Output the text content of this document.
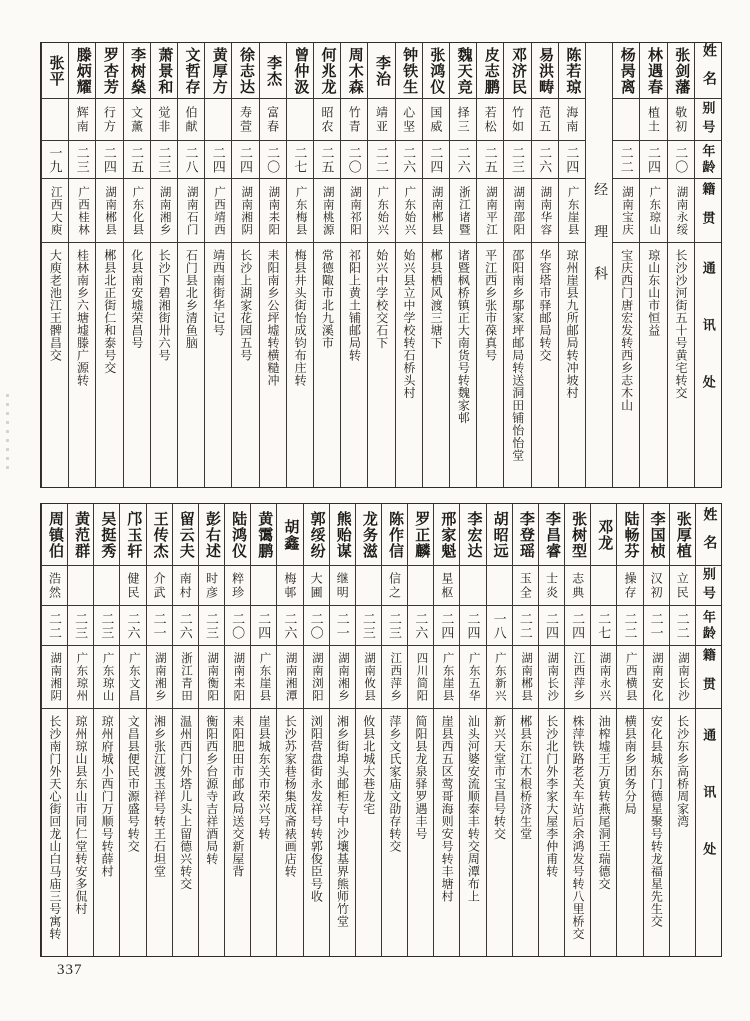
姓名
别号
年龄
籍贯
通讯处
张剑藩
敬初
二〇
湖南永绥
长沙沙河街五十号黄宅转交
林遇春
植土
二四
广东琼山
琼山东山市恒益
杨昺离
二二
湖南宝庆
宝庆西门唐宏发转西乡志木山
经理科
陈若琼
海南
二四
广东崖县
琼州崖县九所邮局转冲坡村
易洪畴
范五
二六
湖南华容
华容塔市驿邮局转交
邓济民
竹如
二三
湖南邵阳
邵阳南乡鄢家坪邮局转送洞田铺怡怡堂
皮志鹏
若松
二五
湖南平江
平江西乡张市葆真号
魏天竞
择三
二六
浙江诸暨
诸暨枫桥镇正大南货号转魏家邨
张鸿仪
国威
二四
湖南郴县
郴县栖风渡三塘下
钟铁生
心坚
二六
广东始兴
始兴县立中学校转石桥头村
李治
靖亚
二二
广东始兴
始兴中学校交石下
周木森
竹青
二〇
湖南祁阳
祁阳上黄土铺邮局转
何兆龙
昭农
二五
湖南桃源
常德陬市北九溪市
曾仲汲
二七
广东梅县
梅县井头街怡成钧布庄转
李杰
富春
二〇
湖南耒阳
耒阳南乡公坪墟转横糙冲
徐志达
寿萱
二四
湖南湘阴
长沙上湖家花园五号
黄厚方
二四
广西靖西
靖西南街华记号
文哲存
伯献
二八
湖南石门
石门县北乡清鱼脑
萧景和
觉非
二三
湖南湘乡
长沙下碧湘街卅六号
李树燊
文薰
二五
广东化县
化县南安墟荣昌号
罗杏芳
行方
二四
湖南郴县
郴县北正街仁和泰号交
滕炳耀
辉南
二三
广西桂林
桂林南乡六塘墟滕广源转
张平
一九
江西大庾
大庾老池江王髀昌交
姓名
别号
年龄
籍贯
通讯处
张厚植
立民
二二
湖南长沙
长沙东乡高桥周家湾
李国桢
汉初
二一
湖南安化
安化县城东门德星聚号转龙福星先生交
陆畅芬
操存
二二
广西横县
横县南乡团务分局
邓龙
二七
湖南永兴
油榨墟王万寅转燕尾洞王瑞德交
张树型
志典
二四
江西萍乡
株萍铁路老关车站后余鸿发号转八里桥交
李昌睿
士炎
二四
湖南长沙
长沙北门外李家大屋李仲甫转
李登瑶
玉全
二二
湖南郴县
郴县东江木根桥济生堂
胡昭远
一八
广东新兴
新兴天堂市宝昌号转交
李宏达
二四
广东五华
汕头河婆安流顺泰丰转交周潭布上
邢家魁
星枢
二四
广东崖县
崖县西五区莺哥海则安号转丰塘村
罗正麟
二六
四川简阳
简阳县龙泉驿罗遇丰号
陈作信
信之
二三
江西萍乡
萍乡文氏家庙文劭存转交
龙务滋
二三
湖南攸县
攸县北城大巷龙宅
熊贻谋
继明
二一
湖南湘乡
湘乡街埠头邮柜专中沙壤基界熊师竹堂
郭绥纷
大圃
二〇
湖南浏阳
浏阳营盘街永发祥号转郭俊臣号收
胡鑫
梅邨
二六
湖南湘潭
长沙苏家巷杨集成斋裱画店转
黄霭鹏
二四
广东崖县
崖县城东关市荣兴号转
陆鸿仪
粹珍
二〇
湖南耒阳
耒阳肥田市邮政局送交新屋背
彭右述
时彦
二三
湖南衡阳
衡阳西乡台源寺吉祥酒局转
留云夫
南村
二六
浙江青田
温州西门外塔儿头上留德兴转交
王传杰
介武
二一
湖南湘乡
湘乡张江渡玉祥号转王石坦堂
邝玉轩
健民
二六
广东文昌
文昌县便民市源盛号转交
吴挺秀
二三
广东琼山
琼州府城小西门万顺号转薛村
黄范群
二三
广东琼州
琼州琼山县东山市同仁堂转安多侃村
周镇伯
浩然
二二
湖南湘阴
长沙南门外天心街回龙山白马庙三号寓转
337
